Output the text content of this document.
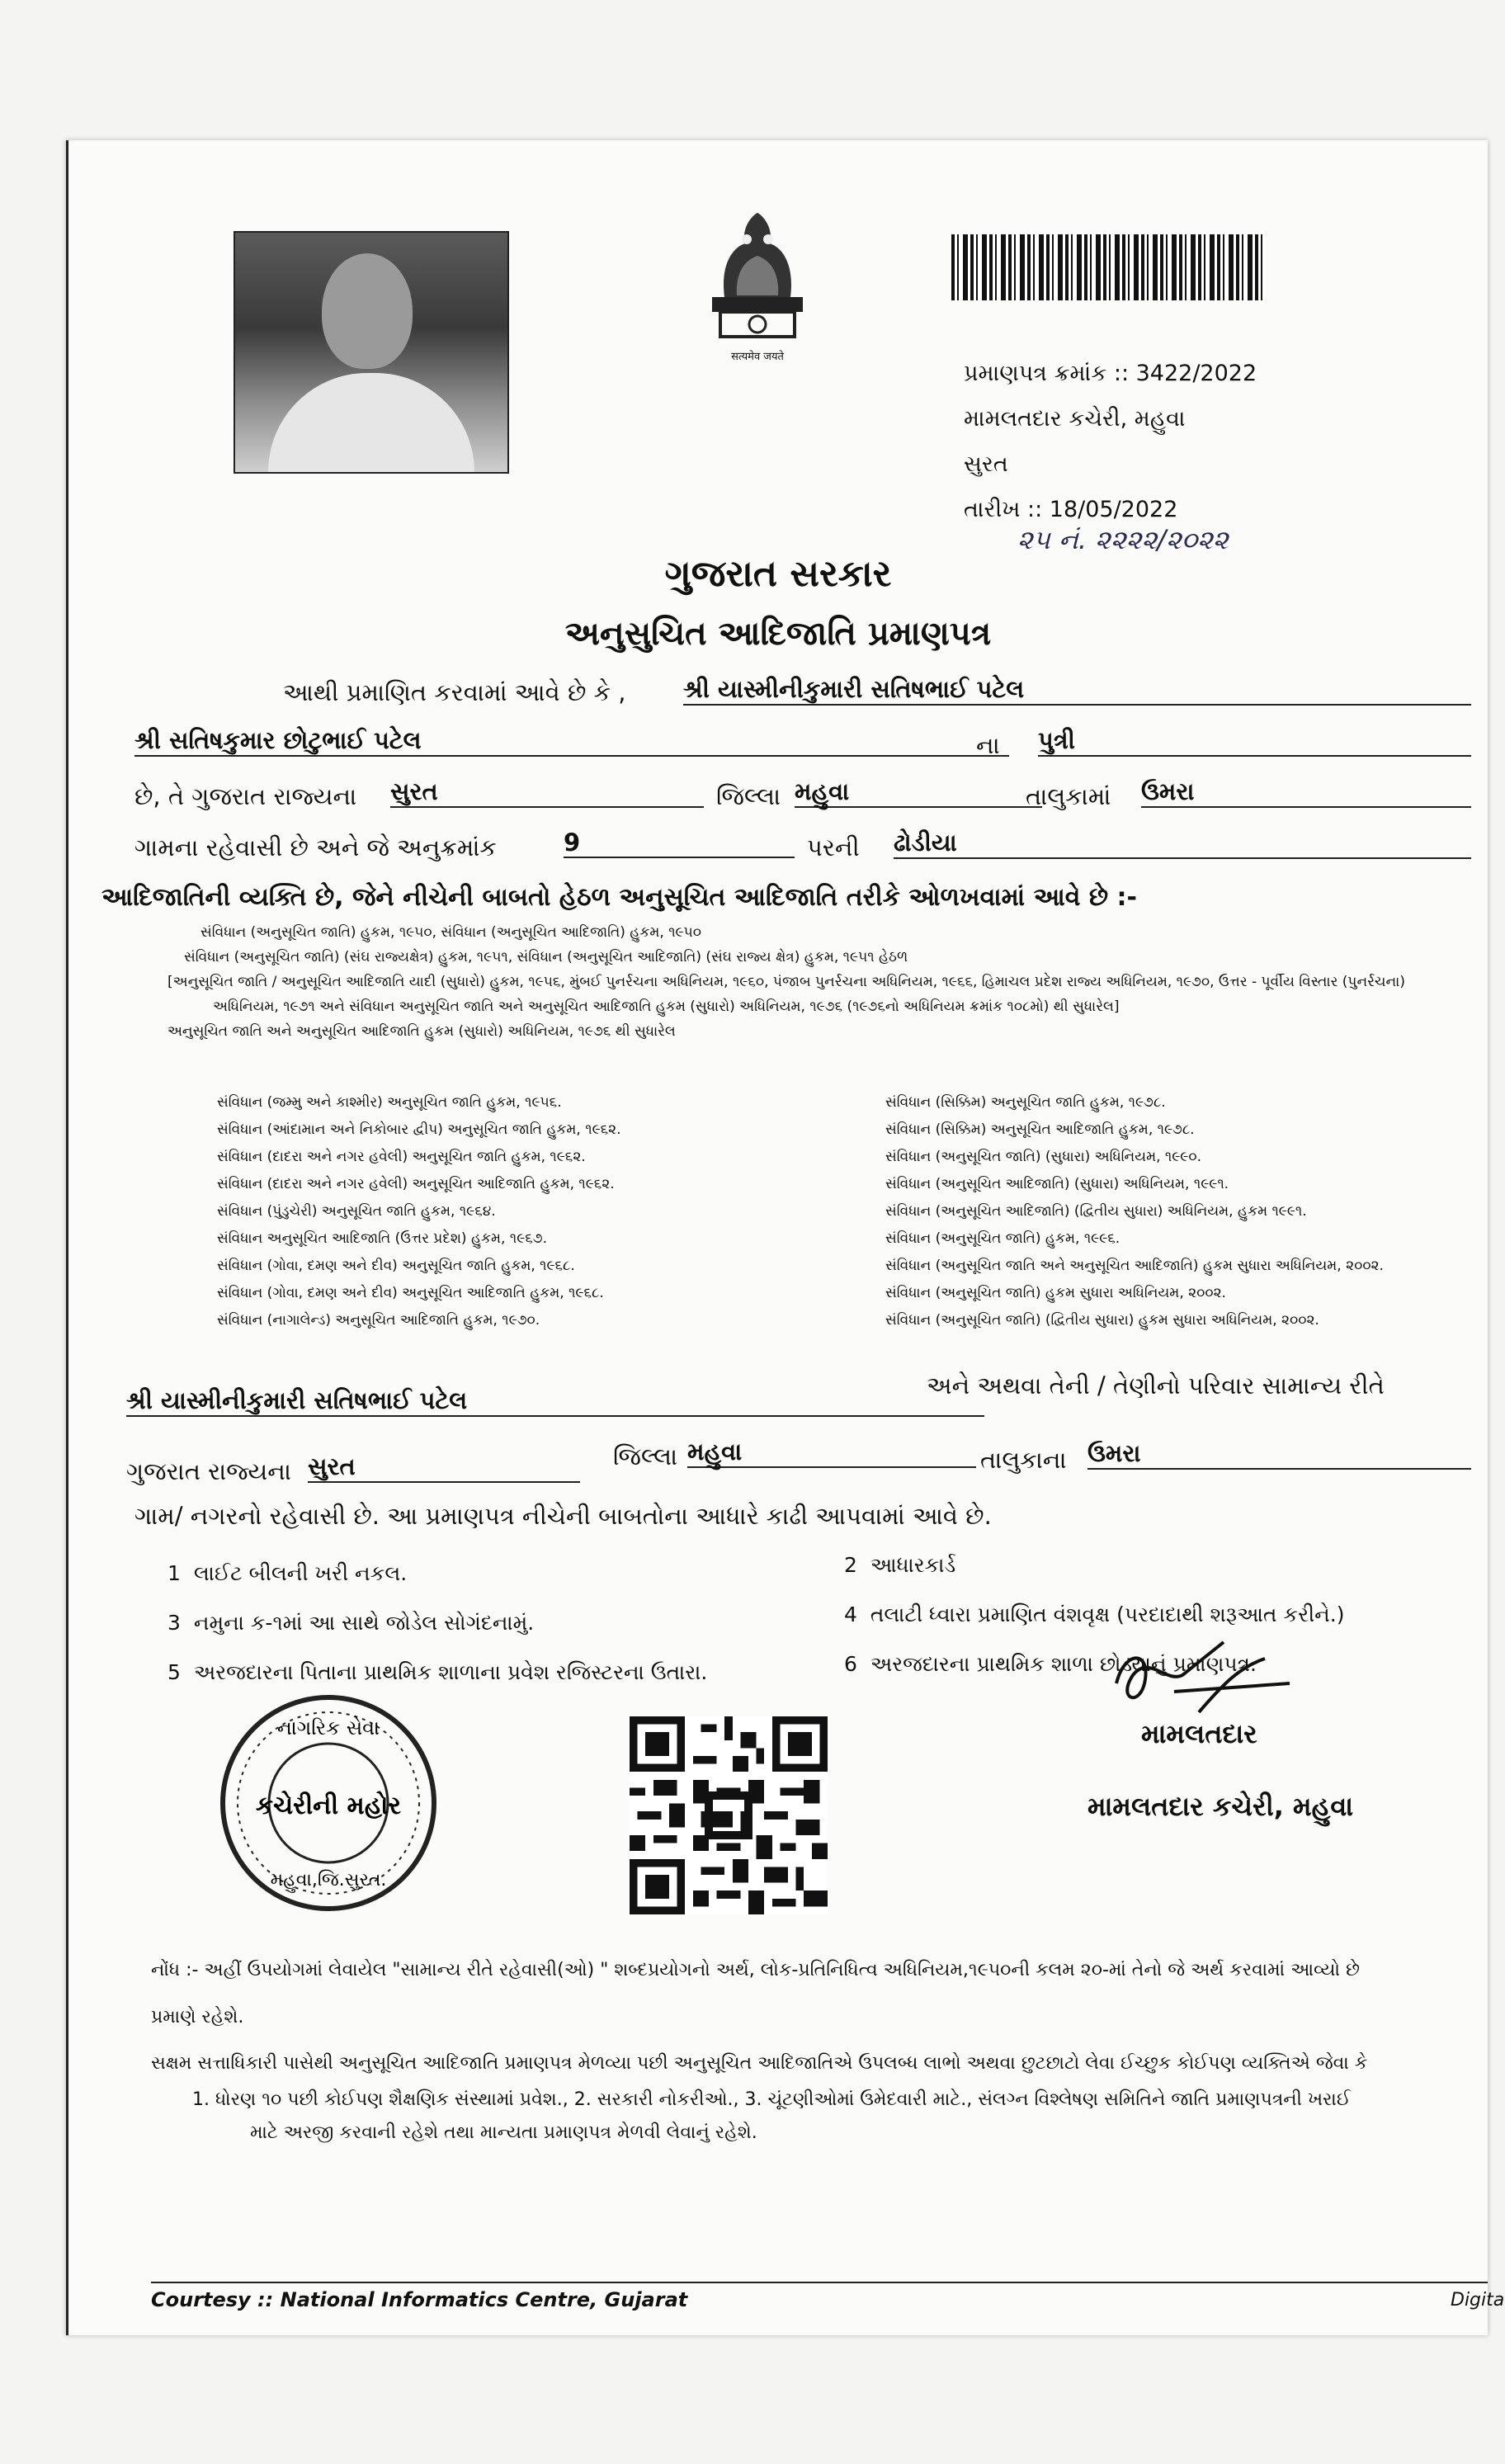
सत्यमेव जयते
પ્રમાણપત્ર ક્રમાંક :: 3422/2022
મામલતદાર કચેરી, મહુવા
સુરત
તારીખ :: 18/05/2022
૨૫ નં. ૨૨૨૨/૨૦૨૨
ગુજરાત સરકાર
અનુસુચિત આદિજાતિ પ્રમાણપત્ર
આથી પ્રમાણિત કરવામાં આવે છે કે , શ્રી યાસ્મીનીકુમારી સતિષભાઈ પટેલ
શ્રી સતિષકુમાર છોટુભાઈ પટેલ	ના પુત્રી
છે, તે ગુજરાત રાજ્યના સુરત	જિલ્લા મહુવા	તાલુકામાં ઉમરા
ગામના રહેવાસી છે અને જે અનુક્રમાંક	9	પરની ઢોડીયા
આદિજાતિની વ્યક્તિ છે, જેને નીચેની બાબતો હેઠળ અનુસૂચિત આદિજાતિ તરીકે ઓળખવામાં આવે છે :-
સંવિધાન (અનુસૂચિત જાતિ) હુકમ, ૧૯૫૦, સંવિધાન (અનુસૂચિત આદિજાતિ) હુકમ, ૧૯૫૦
સંવિધાન (અનુસૂચિત જાતિ) (સંઘ રાજ્યક્ષેત્ર) હુકમ, ૧૯૫૧, સંવિધાન (અનુસૂચિત આદિજાતિ) (સંઘ રાજ્ય ક્ષેત્ર) હુકમ, ૧૯૫૧ હેઠળ
[અનુસૂચિત જાતિ / અનુસૂચિત આદિજાતિ યાદી (સુધારો) હુકમ, ૧૯૫૬, મુંબઈ પુનર્રચના અધિનિયમ, ૧૯૬૦, પંજાબ પુનર્રચના અધિનિયમ, ૧૯૬૬, હિમાચલ પ્રદેશ રાજ્ય અધિનિયમ, ૧૯૭૦, ઉત્તર - પૂર્વીય વિસ્તાર (પુનર્રચના)
અધિનિયમ, ૧૯૭૧ અને સંવિધાન અનુસૂચિત જાતિ અને અનુસૂચિત આદિજાતિ હુકમ (સુધારો) અધિનિયમ, ૧૯૭૬ (૧૯૭૬નો અધિનિયમ ક્રમાંક ૧૦૮મો) થી સુધારેલ]
અનુસૂચિત જાતિ અને અનુસૂચિત આદિજાતિ હુકમ (સુધારો) અધિનિયમ, ૧૯૭૬ થી સુધારેલ
સંવિધાન (જમ્મુ અને કાશ્મીર) અનુસૂચિત જાતિ હુકમ, ૧૯૫૬.
સંવિધાન (આંદામાન અને નિકોબાર દ્વીપ) અનુસૂચિત જાતિ હુકમ, ૧૯૬૨.
સંવિધાન (દાદરા અને નગર હવેલી) અનુસૂચિત જાતિ હુકમ, ૧૯૬૨.
સંવિધાન (દાદરા અને નગર હવેલી) અનુસૂચિત આદિજાતિ હુકમ, ૧૯૬૨.
સંવિધાન (પુંડુચેરી) અનુસૂચિત જાતિ હુકમ, ૧૯૬૪.
સંવિધાન અનુસૂચિત આદિજાતિ (ઉત્તર પ્રદેશ) હુકમ, ૧૯૬૭.
સંવિધાન (ગોવા, દમણ અને દીવ) અનુસૂચિત જાતિ હુકમ, ૧૯૬૮.
સંવિધાન (ગોવા, દમણ અને દીવ) અનુસૂચિત આદિજાતિ હુકમ, ૧૯૬૮.
સંવિધાન (નાગાલેન્ડ) અનુસૂચિત આદિજાતિ હુકમ, ૧૯૭૦.
સંવિધાન (સિક્કિમ) અનુસૂચિત જાતિ હુકમ, ૧૯૭૮.
સંવિધાન (સિક્કિમ) અનુસૂચિત આદિજાતિ હુકમ, ૧૯૭૮.
સંવિધાન (અનુસૂચિત જાતિ) (સુધારા) અધિનિયમ, ૧૯૯૦.
સંવિધાન (અનુસૂચિત આદિજાતિ) (સુધારા) અધિનિયમ, ૧૯૯૧.
સંવિધાન (અનુસૂચિત આદિજાતિ) (દ્વિતીય સુધારા) અધિનિયમ, હુકમ ૧૯૯૧.
સંવિધાન (અનુસૂચિત જાતિ) હુકમ, ૧૯૯૬.
સંવિધાન (અનુસૂચિત જાતિ અને અનુસૂચિત આદિજાતિ) હુકમ સુધારા અધિનિયમ, ૨૦૦૨.
સંવિધાન (અનુસૂચિત જાતિ) હુકમ સુધારા અધિનિયમ, ૨૦૦૨.
સંવિધાન (અનુસૂચિત જાતિ) (દ્વિતીય સુધારા) હુકમ સુધારા અધિનિયમ, ૨૦૦૨.
શ્રી યાસ્મીનીકુમારી સતિષભાઈ પટેલ
અને અથવા તેની / તેણીનો પરિવાર સામાન્ય રીતે
ગુજરાત રાજ્યના સુરત	જિલ્લા મહુવા	તાલુકાના ઉમરા
ગામ/ નગરનો રહેવાસી છે. આ પ્રમાણપત્ર નીચેની બાબતોના આધારે કાઢી આપવામાં આવે છે.
1 લાઈટ બીલની ખરી નકલ.	2 આધારકાર્ડ
3 નમુના ક-૧માં આ સાથે જોડેલ સોગંદનામું.	4 તલાટી ધ્વારા પ્રમાણિત વંશવૃક્ષ (પરદાદાથી શરૂઆત કરીને.)
5 અરજદારના પિતાના પ્રાથમિક શાળાના પ્રવેશ રજિસ્ટરના ઉતારા.	6 અરજદારના પ્રાથમિક શાળા છોડ્યાનું પ્રમાણપત્ર.
નાગરિક સેવા
કચેરીની મહોર
મહુવા,જિ.સુરત.
મામલતદાર
મામલતદાર કચેરી, મહુવા
નોંધ :- અહીં ઉપયોગમાં લેવાયેલ "સામાન્ય રીતે રહેવાસી(ઓ) " શબ્દપ્રયોગનો અર્થ, લોક-પ્રતિનિધિત્વ અધિનિયમ,૧૯૫૦ની કલમ ૨૦-માં તેનો જે અર્થ કરવામાં આવ્યો છે
પ્રમાણે રહેશે.
સક્ષમ સત્તાધિકારી પાસેથી અનુસૂચિત આદિજાતિ પ્રમાણપત્ર મેળવ્યા પછી અનુસૂચિત આદિજાતિએ ઉપલબ્ધ લાભો અથવા છુટછાટો લેવા ઈચ્છુક કોઈપણ વ્યક્તિએ જેવા કે
1. ધોરણ ૧૦ પછી કોઈપણ શૈક્ષણિક સંસ્થામાં પ્રવેશ., 2. સરકારી નોકરીઓ., 3. ચૂંટણીઓમાં ઉમેદવારી માટે., સંલગ્ન વિશ્લેષણ સમિતિને જાતિ પ્રમાણપત્રની ખરાઈ
માટે અરજી કરવાની રહેશે તથા માન્યતા પ્રમાણપત્ર મેળવી લેવાનું રહેશે.
Courtesy :: National Informatics Centre, Gujarat	Digita
